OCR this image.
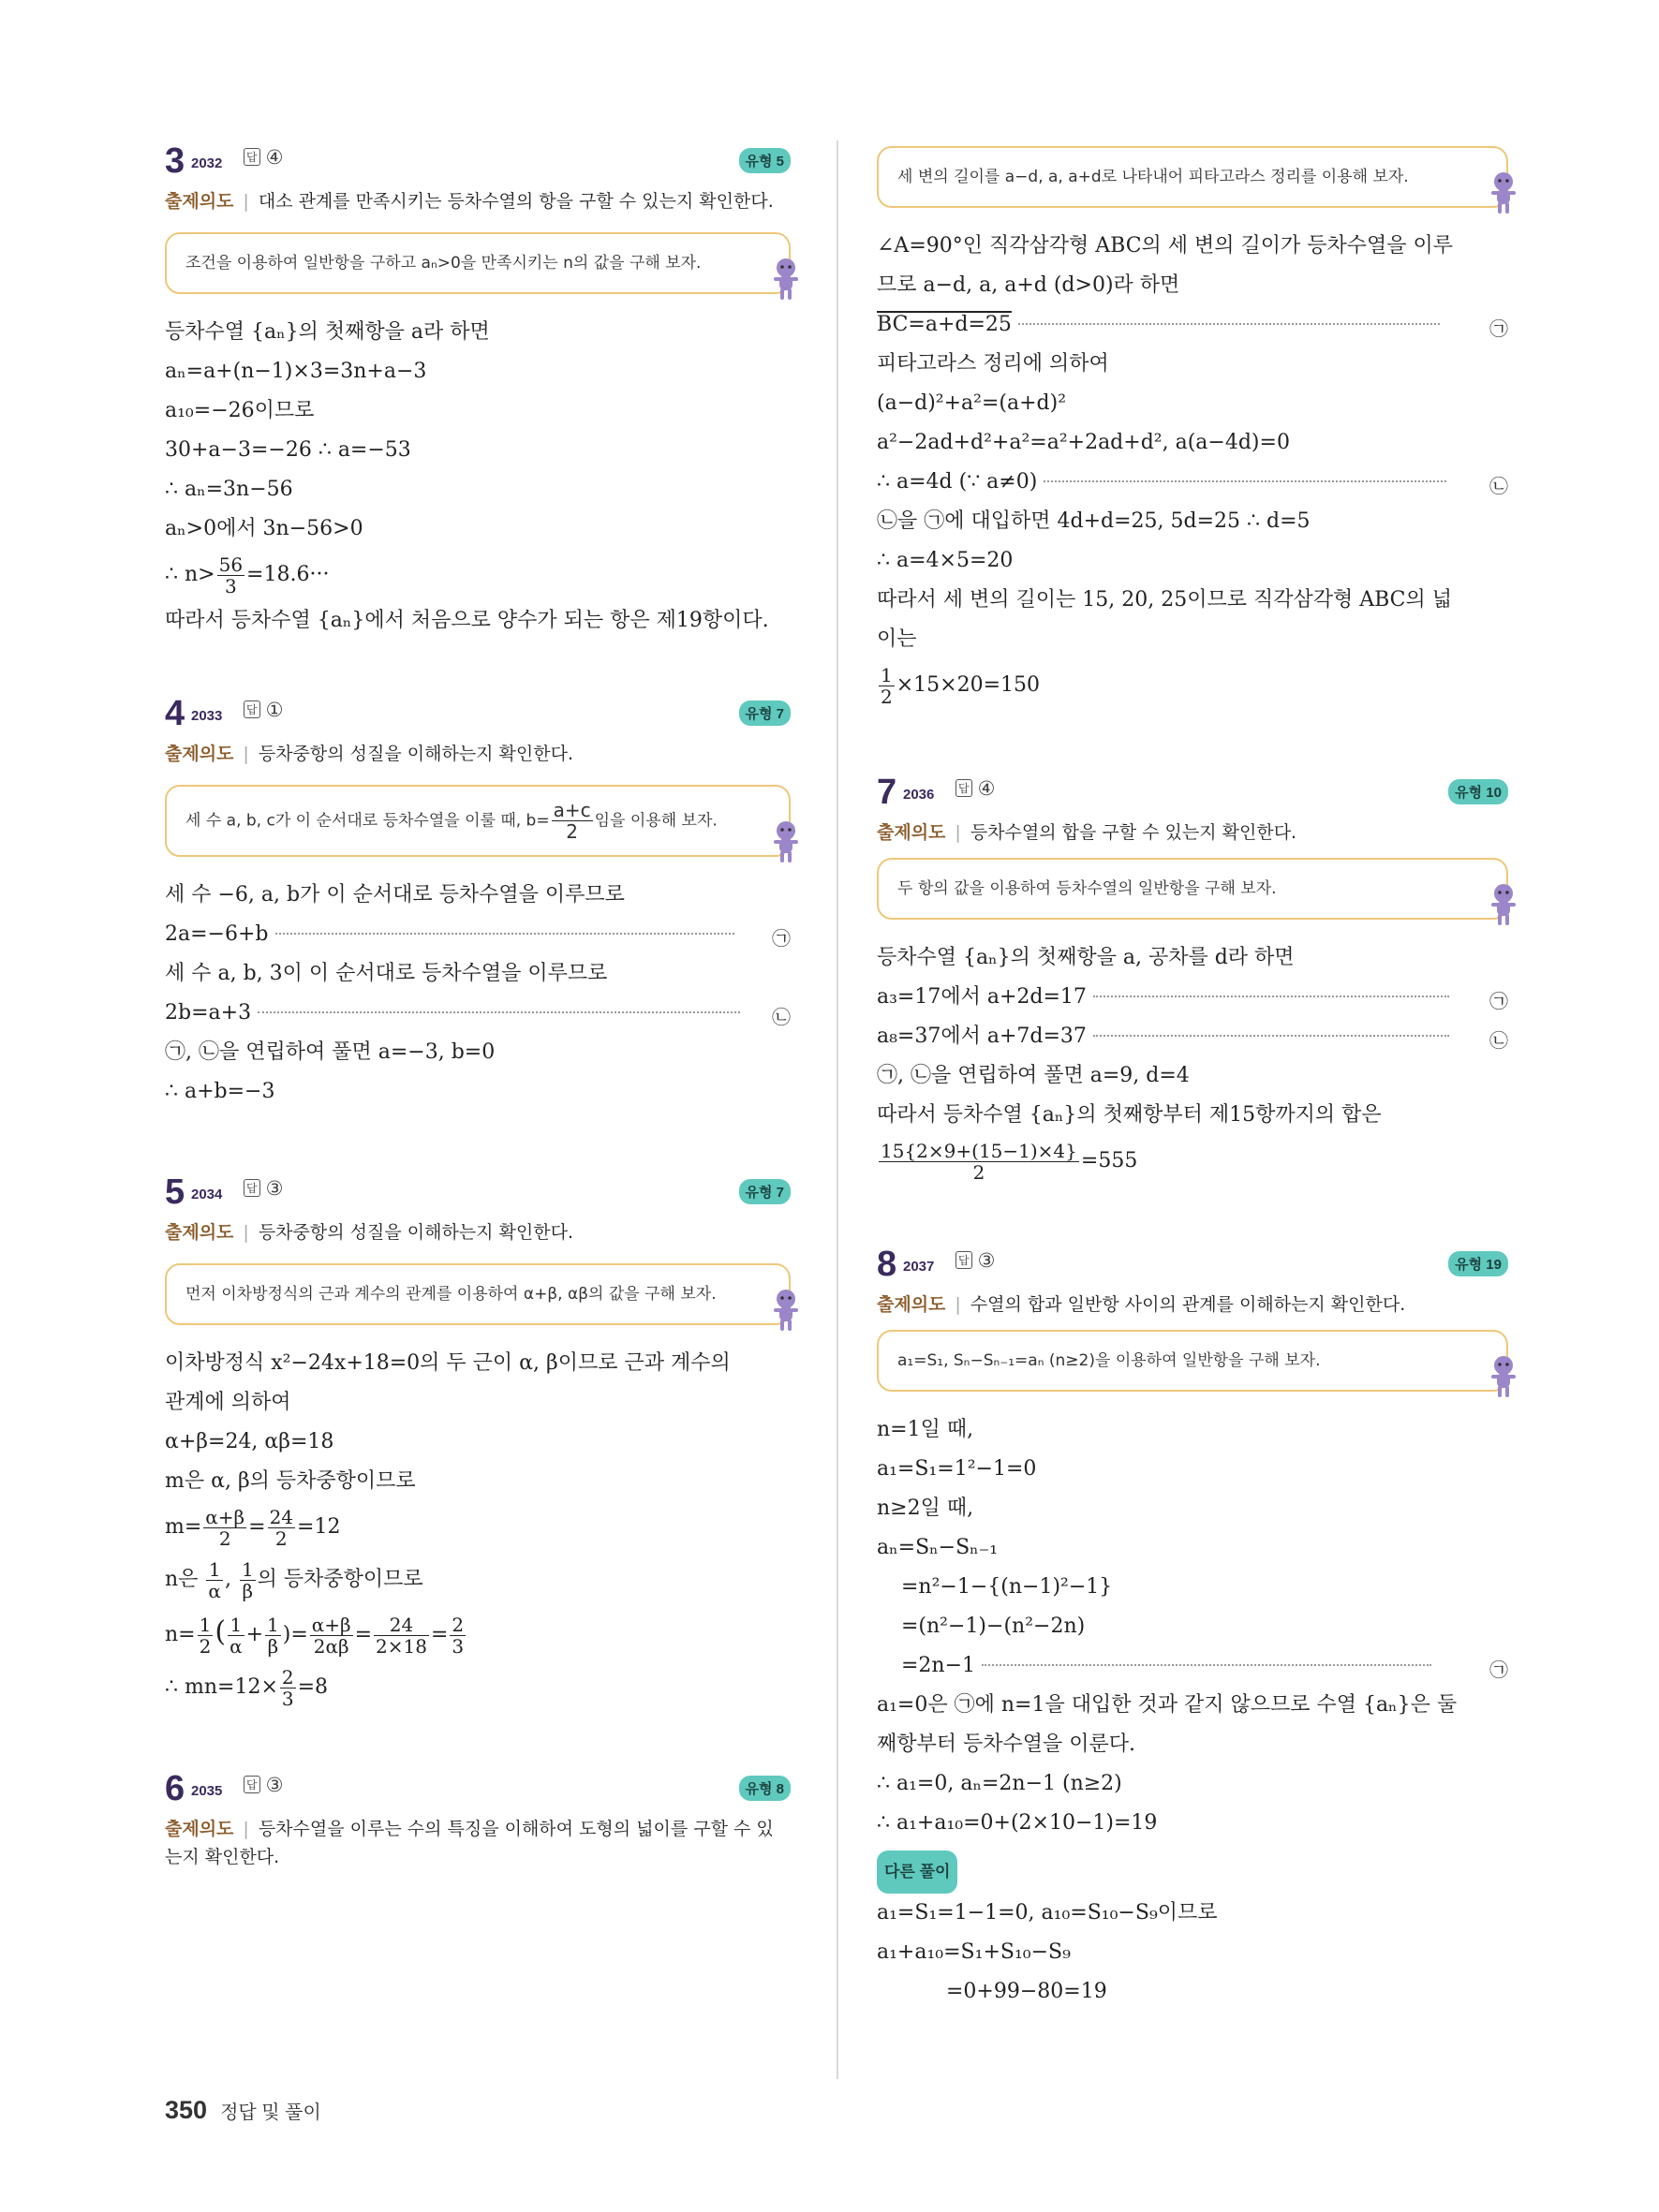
3 2032 답 ④	유형 5
출제의도 | 대소 관계를 만족시키는 등차수열의 항을 구할 수 있는지 확인한다.
조건을 이용하여 일반항을 구하고 aₙ>0을 만족시키는 n의 값을 구해 보자.
등차수열 {aₙ}의 첫째항을 a라 하면
aₙ=a+(n−1)×3=3n+a−3
a₁₀=−26이므로
30+a−3=−26 ∴ a=−53
∴ aₙ=3n−56
aₙ>0에서 3n−56>0
∴ $n> \frac{56}{3} =18.6\cdot\cdot\cdot$
따라서 등차수열 {aₙ}에서 처음으로 양수가 되는 항은 제19항이다.
4 2033 답 ①	유형 7
출제의도 | 등차중항의 성질을 이해하는지 확인한다.
세 수 a, b, c가 이 순서대로 등차수열을 이룰 때, $b= \frac{a+c}{2}$ 임을 이용해 보자.
세 수 −6, a, b가 이 순서대로 등차수열을 이루므로
2a=−6+b	㉠
세 수 a, b, 3이 이 순서대로 등차수열을 이루므로
2b=a+3	㉡
㉠, ㉡을 연립하여 풀면 a=−3, b=0
∴ a+b=−3
5 2034 답 ③	유형 7
출제의도 | 등차중항의 성질을 이해하는지 확인한다.
먼저 이차방정식의 근과 계수의 관계를 이용하여 α+β, αβ의 값을 구해 보자.
이차방정식 x²−24x+18=0의 두 근이 α, β이므로 근과 계수의
관계에 의하여
α+β=24, αβ=18
m은 α, β의 등차중항이므로
$m= \frac{\alpha+\beta}{2} = \frac{24}{2} =12$
n은 $\frac{1}{\alpha}$ , $\frac{1}{\beta}$ 의 등차중항이므로
$n= \frac{1}{2}$ ( $\frac{1}{\alpha} + \frac{1}{\beta}$ )= $\frac{\alpha+\beta}{2\alpha\beta} = \frac{24}{2\times 18} = \frac{2}{3}$
∴ $mn=12\times \frac{2}{3} =8$
6 2035 답 ③	유형 8
출제의도 | 등차수열을 이루는 수의 특징을 이해하여 도형의 넓이를 구할 수 있는지 확인한다.
세 변의 길이를 a−d, a, a+d로 나타내어 피타고라스 정리를 이용해 보자.
∠A=90°인 직각삼각형 ABC의 세 변의 길이가 등차수열을 이루
므로 a−d, a, a+d (d>0)라 하면
BC=a+d=25	㉠
피타고라스 정리에 의하여
(a−d)²+a²=(a+d)²
a²−2ad+d²+a²=a²+2ad+d², a(a−4d)=0
∴ a=4d (∵ a≠0)	㉡
㉡을 ㉠에 대입하면 4d+d=25, 5d=25 ∴ d=5
∴ a=4×5=20
따라서 세 변의 길이는 15, 20, 25이므로 직각삼각형 ABC의 넓
이는
$\frac{1}{2} \times 15\times 20=150$
7 2036 답 ④	유형 10
출제의도 | 등차수열의 합을 구할 수 있는지 확인한다.
두 항의 값을 이용하여 등차수열의 일반항을 구해 보자.
등차수열 {aₙ}의 첫째항을 a, 공차를 d라 하면
a₃=17에서 a+2d=17	㉠
a₈=37에서 a+7d=37	㉡
㉠, ㉡을 연립하여 풀면 a=9, d=4
따라서 등차수열 {aₙ}의 첫째항부터 제15항까지의 합은
$\frac{15\{2\times 9+(15-1)\times 4\}}{2} =555$
8 2037 답 ③	유형 19
출제의도 | 수열의 합과 일반항 사이의 관계를 이해하는지 확인한다.
a₁=S₁, Sₙ−Sₙ₋₁=aₙ (n≥2)을 이용하여 일반항을 구해 보자.
n=1일 때,
a₁=S₁=1²−1=0
n≥2일 때,
aₙ=Sₙ−Sₙ₋₁
=n²−1−{(n−1)²−1}
=(n²−1)−(n²−2n)
=2n−1	㉠
a₁=0은 ㉠에 n=1을 대입한 것과 같지 않으므로 수열 {aₙ}은 둘
째항부터 등차수열을 이룬다.
∴ a₁=0, aₙ=2n−1 (n≥2)
∴ a₁+a₁₀=0+(2×10−1)=19
다른 풀이
a₁=S₁=1−1=0, a₁₀=S₁₀−S₉이므로
a₁+a₁₀=S₁+S₁₀−S₉
=0+99−80=19
350 정답 및 풀이
